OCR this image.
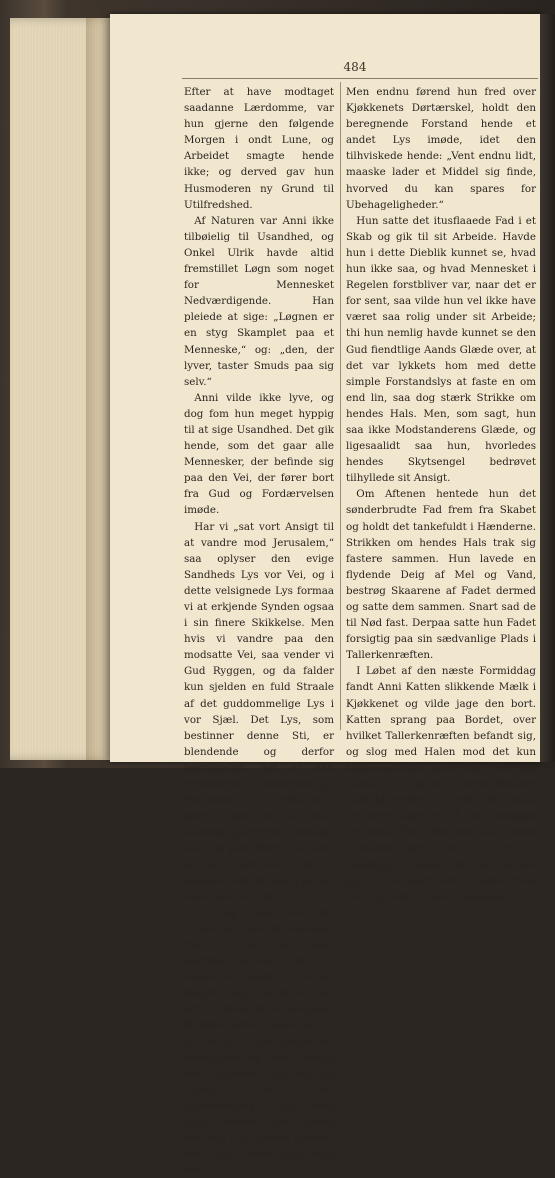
484

Efter at have modtaget saadanne Lærdomme, var hun gjerne den følgende Morgen i ondt Lune, og Arbeidet smagte hende ikke; og derved gav hun Husmoderen ny Grund til Utilfredshed.

Af Naturen var Anni ikke tilbøielig til Usandhed, og Onkel Ulrik havde altid fremstillet Løgn som noget for Mennesket Nedværdigende. Han pleiede at sige: „Løgnen er en styg Skamplet paa et Menneske,“ og: „den, der lyver, taster Smuds paa sig selv.“

Anni vilde ikke lyve, og dog fom hun meget hyppig til at sige Usandhed. Det gik hende, som det gaar alle Mennesker, der befinde sig paa den Vei, der fører bort fra Gud og Fordærvelsen imøde.

Har vi „sat vort Ansigt til at vandre mod Jerusalem,“ saa oplyser den evige Sandheds Lys vor Vei, og i dette velsignede Lys formaa vi at erkjende Synden ogsaa i sin finere Skikkelse. Men hvis vi vandre paa den modsatte Vei, saa vender vi Gud Ryggen, og da falder kun sjelden en fuld Straale af det guddommelige Lys i vor Sjæl. Det Lys, som bestinner denne Sti, er blendende og derfor bedrageligt, det er den formørkede menneskelige Forstands Lys. Desforuden pleier Djævelen at lade alleslags glimrende Smaalys vise sig paa denne Sti, som da fører dem vent vild. Et saadant vildledende Lys var Kathinka for Anni.

En Dag havde Anni det Uheld at slaa et kostbart Fad itu. Hun var meget bedrøvet derover, thi hun vidste, at Husets Frue var meget bange for dette Fad, som et gammelt Arvestykke. Hendes første Tanke var at ile hen til Fruen, tilstaa det Forefaldne og bede hende om Tilgivelse. Det var en Straale af det guddommelige Lys, som faldt i hendes Sjæl. Havde hun dog fulgt denne Straale, som viste hende den rette Vei!

Men endnu førend hun fred over Kjøkkenets Dørtærskel, holdt den beregnende Forstand hende et andet Lys imøde, idet den tilhviskede hende: „Vent endnu lidt, maaske lader et Middel sig finde, hvorved du kan spares for Ubehageligheder.“

Hun satte det itusflaaede Fad i et Skab og gik til sit Arbeide. Havde hun i dette Dieblik kunnet se, hvad hun ikke saa, og hvad Mennesket i Regelen forstbliver var, naar det er for sent, saa vilde hun vel ikke have været saa rolig under sit Arbeide; thi hun nemlig havde kunnet se den Gud fiendtlige Aands Glæde over, at det var lykkets hom med dette simple Forstandslys at faste en om end lin, saa dog stærk Strikke om hendes Hals. Men, som sagt, hun saa ikke Modstanderens Glæde, og ligesaalidt saa hun, hvorledes hendes Skytsengel bedrøvet tilhyllede sit Ansigt.

Om Aftenen hentede hun det sønderbrudte Fad frem fra Skabet og holdt det tankefuldt i Hænderne. Strikken om hendes Hals trak sig fastere sammen. Hun lavede en flydende Deig af Mel og Vand, bestrøg Skaarene af Fadet dermed og satte dem sammen. Snart sad de til Nød fast. Derpaa satte hun Fadet forsigtig paa sin sædvanlige Plads i Tallerkenræften.

I Løbet af den næste Formiddag fandt Anni Katten slikkende Mælk i Kjøkkenet og vilde jage den bort. Katten sprang paa Bordet, over hvilket Tallerkenræften befandt sig, og slog med Halen mod det kun tilsyneladende hele Fad. Det gik pannyt itu, og de enkelte Stykker faldt klirrende til Jorden. Nu holdt Fristeren igjen et af sine Smaalys for Annis Dine, idet han lod hendes Forstand sige: „Se, det er et lykkeligt Tilfælde, det har Katten gjort!“ Strikken om hendes Hals trak sig endnu fastere sammen.
